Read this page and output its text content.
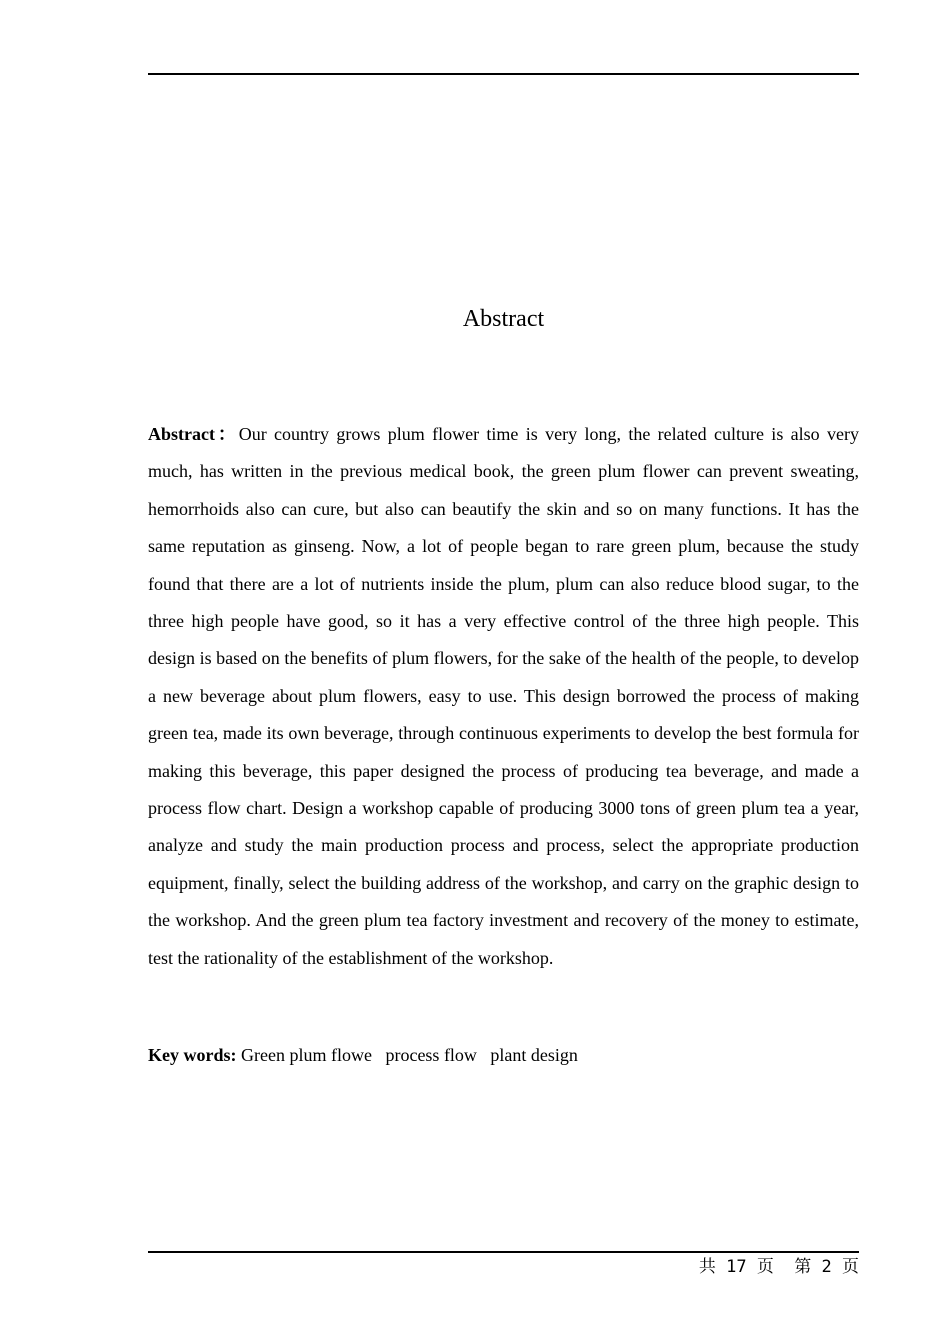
Abstract

Abstract：Our country grows plum flower time is very long, the related culture is also very much, has written in the previous medical book, the green plum flower can prevent sweating, hemorrhoids also can cure, but also can beautify the skin and so on many functions. It has the same reputation as ginseng. Now, a lot of people began to rare green plum, because the study found that there are a lot of nutrients inside the plum, plum can also reduce blood sugar, to the three high people have good, so it has a very effective control of the three high people. This design is based on the benefits of plum flowers, for the sake of the health of the people, to develop a new beverage about plum flowers, easy to use. This design borrowed the process of making green tea, made its own beverage, through continuous experiments to develop the best formula for making this beverage, this paper designed the process of producing tea beverage, and made a process flow chart. Design a workshop capable of producing 3000 tons of green plum tea a year, analyze and study the main production process and process, select the appropriate production equipment, finally, select the building address of the workshop, and carry on the graphic design to the workshop. And the green plum tea factory investment and recovery of the money to estimate, test the rationality of the establishment of the workshop.

Key words: Green plum flowe   process flow   plant design

共 17 页  第 2 页
